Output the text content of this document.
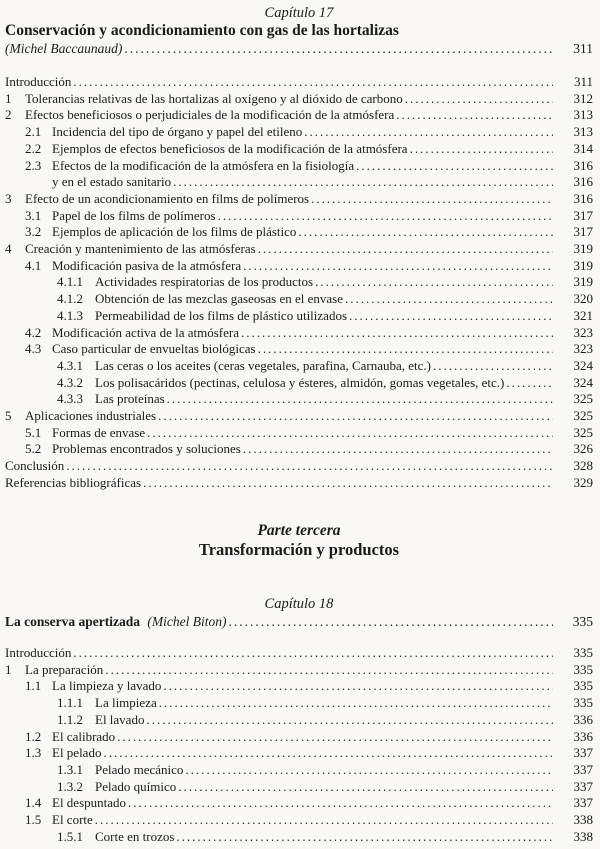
Capítulo 17
Conservación y acondicionamiento con gas de las hortalizas
(Michel Baccaunaud) .....	311
Introducción .....	311
1	Tolerancias relativas de las hortalizas al oxígeno y al dióxido de carbono .....	312
2	Efectos beneficiosos o perjudiciales de la modificación de la atmósfera .....	313
2.1 Incidencia del tipo de órgano y papel del etileno .....	313
2.2 Ejemplos de efectos beneficiosos de la modificación de la atmósfera .....	314
2.3 Efectos de la modificación de la atmósfera en la fisiología .....	316
y en el estado sanitario .....	316
3	Efecto de un acondicionamiento en films de polímeros .....	316
3.1 Papel de los films de polímeros .....	317
3.2 Ejemplos de aplicación de los films de plástico .....	317
4	Creación y mantenimiento de las atmósferas .....	319
4.1 Modificación pasiva de la atmósfera .....	319
4.1.1 Actividades respiratorias de los productos .....	319
4.1.2 Obtención de las mezclas gaseosas en el envase .....	320
4.1.3 Permeabilidad de los films de plástico utilizados .....	321
4.2 Modificación activa de la atmósfera .....	323
4.3 Caso particular de envueltas biológicas .....	323
4.3.1 Las ceras o los aceites (ceras vegetales, parafina, Carnauba, etc.) .....	324
4.3.2 Los polisacáridos (pectinas, celulosa y ésteres, almidón, gomas vegetales, etc.) .....	324
4.3.3 Las proteínas .....	325
5	Aplicaciones industriales .....	325
5.1 Formas de envase .....	325
5.2 Problemas encontrados y soluciones .....	326
Conclusión .....	328
Referencias bibliográficas .....	329
Parte tercera
Transformación y productos
Capítulo 18
La conserva apertizada (Michel Biton) .....	335
Introducción .....	335
1	La preparación .....	335
1.1 La limpieza y lavado .....	335
1.1.1 La limpieza .....	335
1.1.2 El lavado .....	336
1.2 El calibrado .....	336
1.3 El pelado .....	337
1.3.1 Pelado mecánico .....	337
1.3.2 Pelado químico .....	337
1.4 El despuntado .....	337
1.5 El corte .....	338
1.5.1 Corte en trozos .....	338
